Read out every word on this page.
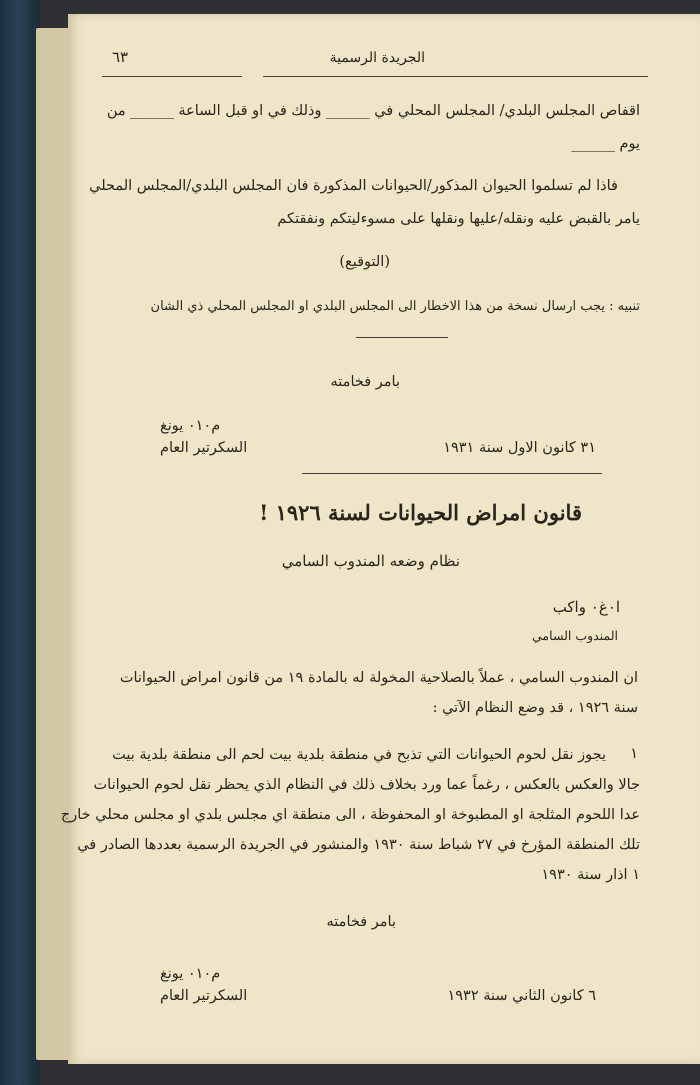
الجريدة الرسمية
٦٣
اقفاص المجلس البلدي/ المجلس المحلي في ______ وذلك في او قبل الساعة ______ من
يوم ______
فاذا لم تسلموا الحيوان المذكور/الحيوانات المذكورة فان المجلس البلدي/المجلس المحلي
يامر بالقبض عليه ونقله/عليها ونقلها على مسوءليتكم ونفقتكم
(التوقيع)
تنبيه : يجب ارسال نسخة من هذا الاخطار الى المجلس البلدي او المجلس المحلي ذي الشان
بامر فخامته
م٠١٠ يونغ
السكرتير العام	٣١ كانون الاول سنة ١٩٣١
قانون امراض الحيوانات لسنة ١٩٢٦ !
نظام وضعه المندوب السامي
ا٠غ٠ واكب
المندوب السامي
ان المندوب السامي ، عملاً بالصلاحية المخولة له بالمادة ١٩ من قانون امراض الحيوانات
سنة ١٩٢٦ ، قد وضع النظام الآتي :
١
يجوز نقل لحوم الحيوانات التي تذبح في منطقة بلدية بيت لحم الى منطقة بلدية بيت
جالا والعكس بالعكس ، رغماً عما ورد بخلاف ذلك في النظام الذي يحظر نقل لحوم الحيوانات
عدا اللحوم المثلجة او المطبوخة او المحفوظة ، الى منطقة اي مجلس بلدي او مجلس محلي خارج
تلك المنطقة المؤرخ في ٢٧ شباط سنة ١٩٣٠ والمنشور في الجريدة الرسمية بعددها الصادر في
١ اذار سنة ١٩٣٠
بامر فخامته
م٠١٠ يونغ
السكرتير العام	٦ كانون الثاني سنة ١٩٣٢
